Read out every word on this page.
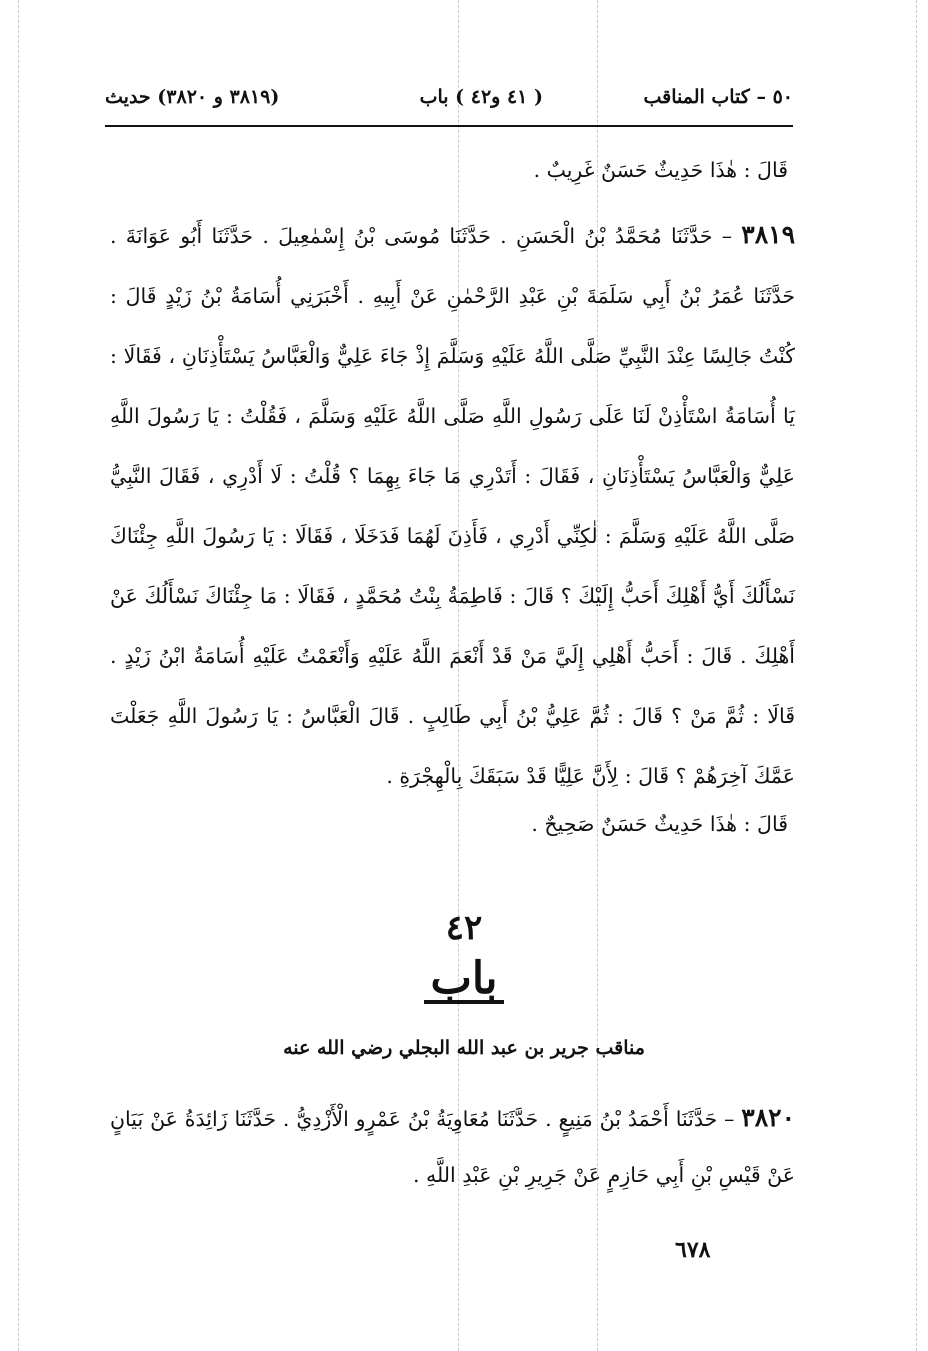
٥٠ – كتاب المناقب
( ٤١ و٤٢ ) باب
(٣٨١٩ و ٣٨٢٠) حديث
قَالَ : هٰذَا حَدِيثٌ حَسَنٌ غَرِيبٌ .

٣٨١٩ – حَدَّثَنَا مُحَمَّدُ بْنُ الْحَسَنِ . حَدَّثَنَا مُوسَى بْنُ إِسْمٰعِيلَ . حَدَّثَنَا أَبُو عَوَانَةَ . حَدَّثَنَا عُمَرُ بْنُ أَبِي سَلَمَةَ بْنِ عَبْدِ الرَّحْمٰنِ عَنْ أَبِيهِ . أَخْبَرَنِي أُسَامَةُ بْنُ زَيْدٍ قَالَ : كُنْتُ جَالِسًا عِنْدَ النَّبِيِّ صَلَّى اللَّهُ عَلَيْهِ وَسَلَّمَ إِذْ جَاءَ عَلِيٌّ وَالْعَبَّاسُ يَسْتَأْذِنَانِ ، فَقَالَا : يَا أُسَامَةُ اسْتَأْذِنْ لَنَا عَلَى رَسُولِ اللَّهِ صَلَّى اللَّهُ عَلَيْهِ وَسَلَّمَ ، فَقُلْتُ : يَا رَسُولَ اللَّهِ عَلِيٌّ وَالْعَبَّاسُ يَسْتَأْذِنَانِ ، فَقَالَ : أَتَدْرِي مَا جَاءَ بِهِمَا ؟ قُلْتُ : لَا أَدْرِي ، فَقَالَ النَّبِيُّ صَلَّى اللَّهُ عَلَيْهِ وَسَلَّمَ : لٰكِنِّي أَدْرِي ، فَأَذِنَ لَهُمَا فَدَخَلَا ، فَقَالَا : يَا رَسُولَ اللَّهِ جِئْنَاكَ نَسْأَلُكَ أَيُّ أَهْلِكَ أَحَبُّ إِلَيْكَ ؟ قَالَ : فَاطِمَةُ بِنْتُ مُحَمَّدٍ ، فَقَالَا : مَا جِئْنَاكَ نَسْأَلُكَ عَنْ أَهْلِكَ . قَالَ : أَحَبُّ أَهْلِي إِلَيَّ مَنْ قَدْ أَنْعَمَ اللَّهُ عَلَيْهِ وَأَنْعَمْتُ عَلَيْهِ أُسَامَةُ ابْنُ زَيْدٍ . قَالَا : ثُمَّ مَنْ ؟ قَالَ : ثُمَّ عَلِيُّ بْنُ أَبِي طَالِبٍ . قَالَ الْعَبَّاسُ : يَا رَسُولَ اللَّهِ جَعَلْتَ عَمَّكَ آخِرَهُمْ ؟ قَالَ : لِأَنَّ عَلِيًّا قَدْ سَبَقَكَ بِالْهِجْرَةِ .

قَالَ : هٰذَا حَدِيثٌ حَسَنٌ صَحِيحٌ .
٤٢
باب
مناقب جرير بن عبد الله البجلي رضي الله عنه

٣٨٢٠ – حَدَّثَنَا أَحْمَدُ بْنُ مَنِيعٍ . حَدَّثَنَا مُعَاوِيَةُ بْنُ عَمْرٍو الْأَزْدِيُّ . حَدَّثَنَا زَائِدَةُ عَنْ بَيَانٍ عَنْ قَيْسِ بْنِ أَبِي حَازِمٍ عَنْ جَرِيرِ بْنِ عَبْدِ اللَّهِ .

٦٧٨
